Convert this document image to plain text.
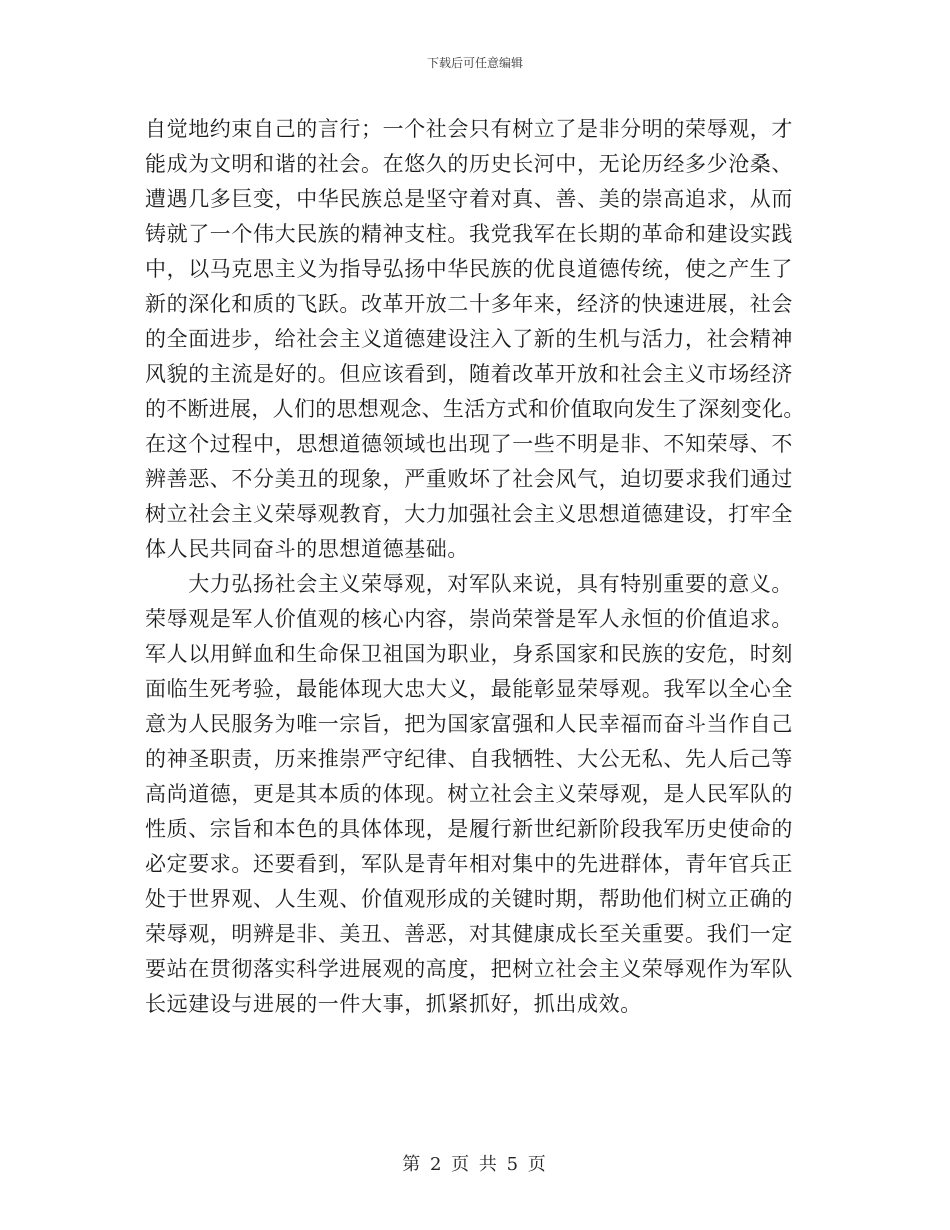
下载后可任意编辑
自觉地约束自己的言行；一个社会只有树立了是非分明的荣辱观，才
能成为文明和谐的社会。在悠久的历史长河中，无论历经多少沧桑、
遭遇几多巨变，中华民族总是坚守着对真、善、美的崇高追求，从而
铸就了一个伟大民族的精神支柱。我党我军在长期的革命和建设实践
中，以马克思主义为指导弘扬中华民族的优良道德传统，使之产生了
新的深化和质的飞跃。改革开放二十多年来，经济的快速进展，社会
的全面进步，给社会主义道德建设注入了新的生机与活力，社会精神
风貌的主流是好的。但应该看到，随着改革开放和社会主义市场经济
的不断进展，人们的思想观念、生活方式和价值取向发生了深刻变化。
在这个过程中，思想道德领域也出现了一些不明是非、不知荣辱、不
辨善恶、不分美丑的现象，严重败坏了社会风气，迫切要求我们通过
树立社会主义荣辱观教育，大力加强社会主义思想道德建设，打牢全
体人民共同奋斗的思想道德基础。
　　大力弘扬社会主义荣辱观，对军队来说，具有特别重要的意义。
荣辱观是军人价值观的核心内容，崇尚荣誉是军人永恒的价值追求。
军人以用鲜血和生命保卫祖国为职业，身系国家和民族的安危，时刻
面临生死考验，最能体现大忠大义，最能彰显荣辱观。我军以全心全
意为人民服务为唯一宗旨，把为国家富强和人民幸福而奋斗当作自己
的神圣职责，历来推崇严守纪律、自我牺牲、大公无私、先人后己等
高尚道德，更是其本质的体现。树立社会主义荣辱观，是人民军队的
性质、宗旨和本色的具体体现，是履行新世纪新阶段我军历史使命的
必定要求。还要看到，军队是青年相对集中的先进群体，青年官兵正
处于世界观、人生观、价值观形成的关键时期，帮助他们树立正确的
荣辱观，明辨是非、美丑、善恶，对其健康成长至关重要。我们一定
要站在贯彻落实科学进展观的高度，把树立社会主义荣辱观作为军队
长远建设与进展的一件大事，抓紧抓好，抓出成效。
第 2 页 共 5 页
